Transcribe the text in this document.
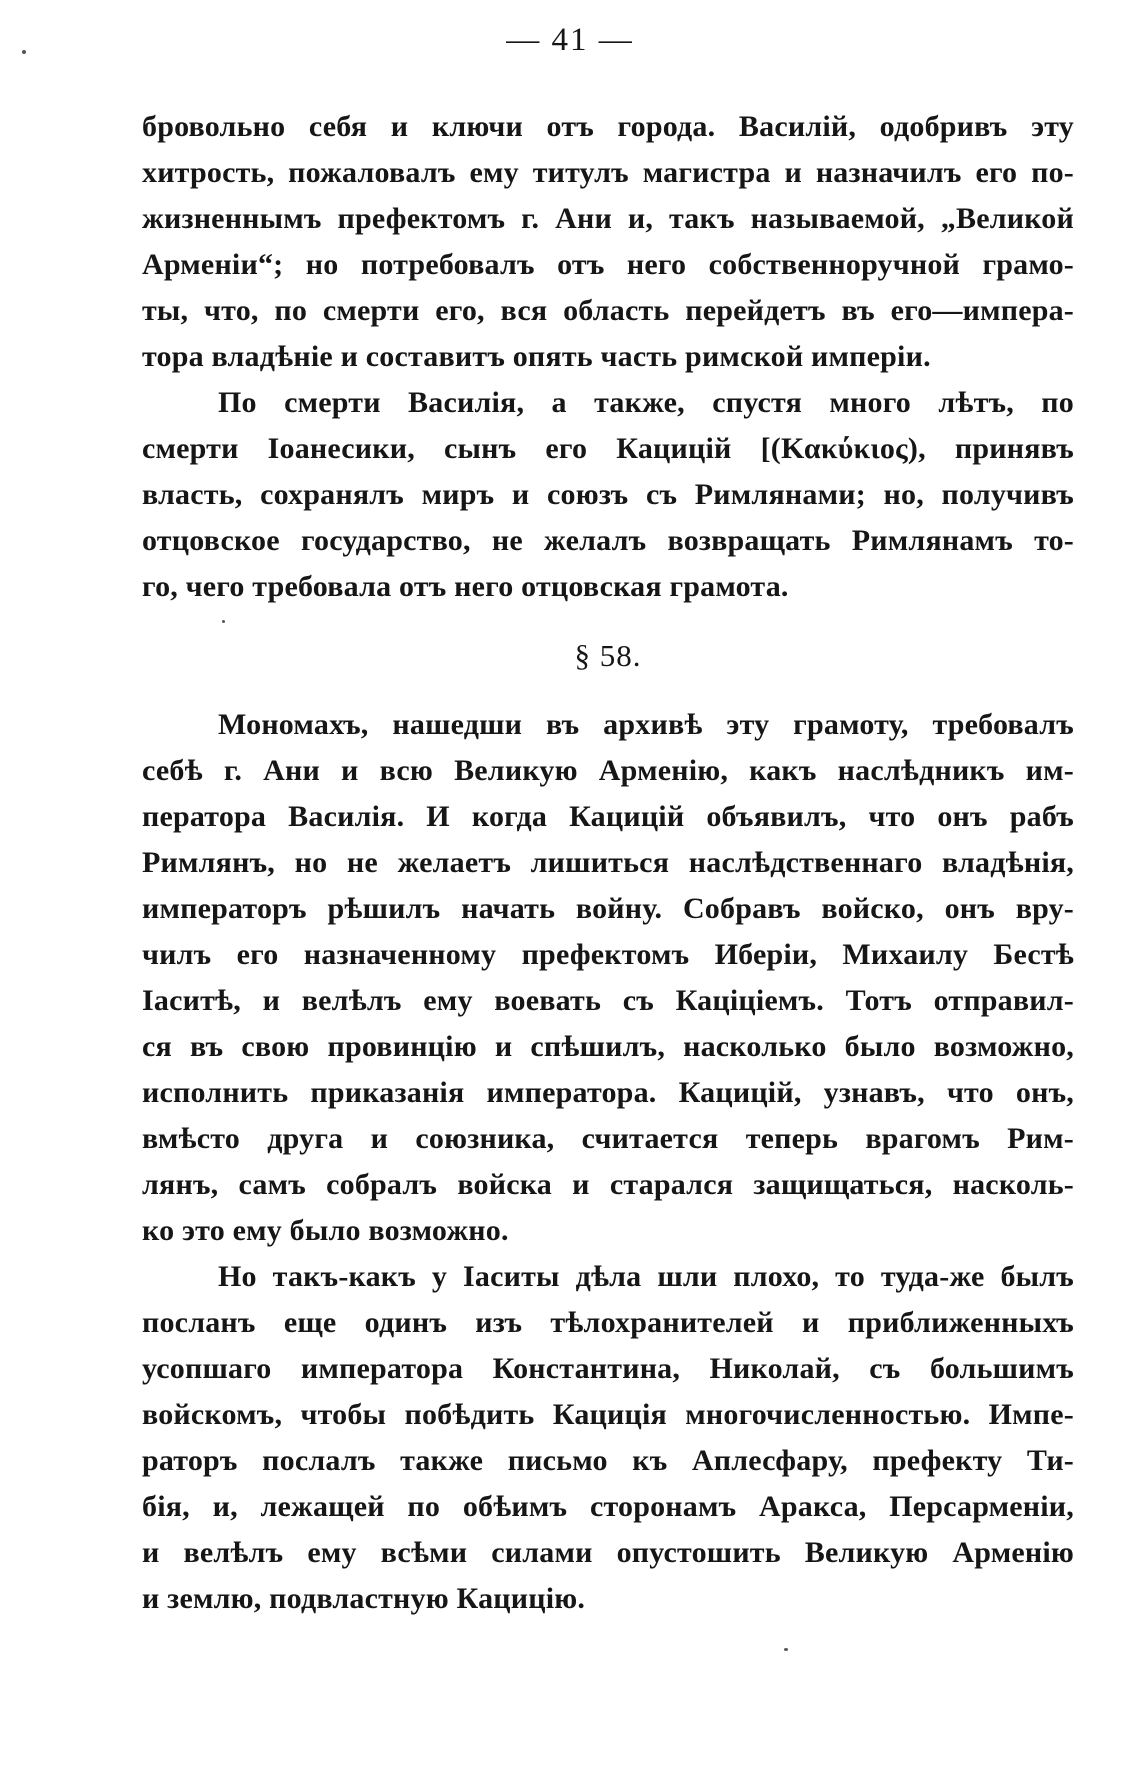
— 41 —
бровольно себя и ключи отъ города. Василій, одобривъ эту
хитрость, пожаловалъ ему титулъ магистра и назначилъ его по-
жизненнымъ префектомъ г. Ани и, такъ называемой, „Великой
Арменіи“; но потребовалъ отъ него собственноручной грамо-
ты, что, по смерти его, вся область перейдетъ въ его—импера-
тора владѣніе и составитъ опять часть римской имперіи.
По смерти Василія, а также, спустя много лѣтъ, по
смерти Іоанесики, сынъ его Кацицій [(Κακύκιος), принявъ
власть, сохранялъ миръ и союзъ съ Римлянами; но, получивъ
отцовское государство, не желалъ возвращать Римлянамъ то-
го, чего требовала отъ него отцовская грамота.
§ 58.
Мономахъ, нашедши въ архивѣ эту грамоту, требовалъ
себѣ г. Ани и всю Великую Арменію, какъ наслѣдникъ им-
ператора Василія. И когда Кацицій объявилъ, что онъ рабъ
Римлянъ, но не желаетъ лишиться наслѣдственнаго владѣнія,
императоръ рѣшилъ начать войну. Собравъ войско, онъ вру-
чилъ его назначенному префектомъ Иберіи, Михаилу Бестѣ
Іаситѣ, и велѣлъ ему воевать съ Кацiцiемъ. Тотъ отправил-
ся въ свою провинцію и спѣшилъ, насколько было возможно,
исполнить приказанія императора. Кацицій, узнавъ, что онъ,
вмѣсто друга и союзника, считается теперь врагомъ Рим-
лянъ, самъ собралъ войска и старался защищаться, насколь-
ко это ему было возможно.
Но такъ-какъ у Іаситы дѣла шли плохо, то туда-же былъ
посланъ еще одинъ изъ тѣлохранителей и приближенныхъ
усопшаго императора Константина, Николай, съ большимъ
войскомъ, чтобы побѣдить Кацицiя многочисленностью. Импе-
раторъ послалъ также письмо къ Аплесфару, префекту Ти-
бія, и, лежащей по обѣимъ сторонамъ Аракса, Персарменіи,
и велѣлъ ему всѣми силами опустошить Великую Арменію
и землю, подвластную Кацицію.
